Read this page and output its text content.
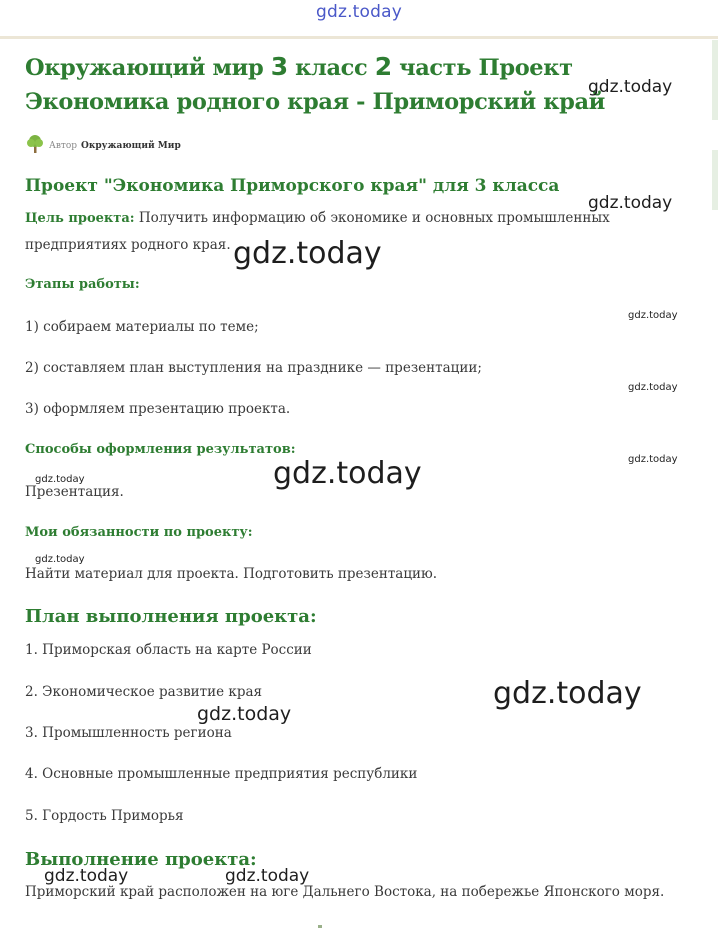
gdz.today
Окружающий мир 3 класс 2 часть Проект Экономика родного края - Приморский край
Автор Окружающий Мир
Проект "Экономика Приморского края" для 3 класса
Цель проекта: Получить информацию об экономике и основных промышленных предприятиях родного края.
Этапы работы:
1) собираем материалы по теме;
2) составляем план выступления на празднике — презентации;
3) оформляем презентацию проекта.
Способы оформления результатов:
Презентация.
Мои обязанности по проекту:
Найти материал для проекта. Подготовить презентацию.
План выполнения проекта:
1. Приморская область на карте России
2. Экономическое развитие края
3. Промышленность региона
4. Основные промышленные предприятия республики
5. Гордость Приморья
Выполнение проекта:
Приморский край расположен на юге Дальнего Востока, на побережье Японского моря.
gdz.today
gdz.today
gdz.today
gdz.today
gdz.today
gdz.today
gdz.today	gdz.today
gdz.today
gdz.today
gdz.today
gdz.today	gdz.today
